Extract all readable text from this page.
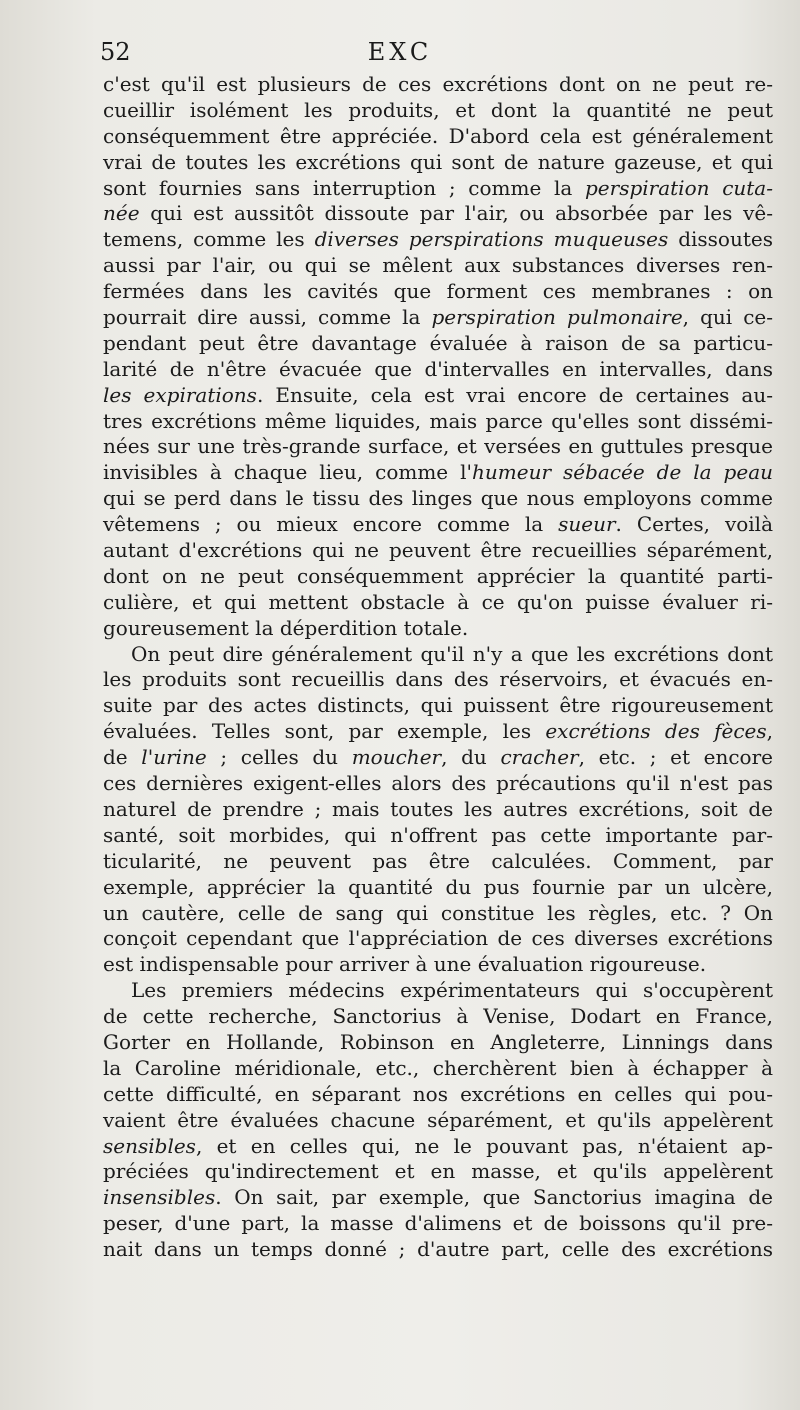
52	EXC
c'est qu'il est plusieurs de ces excrétions dont on ne peut re-
cueillir isolément les produits, et dont la quantité ne peut
conséquemment être appréciée. D'abord cela est généralement
vrai de toutes les excrétions qui sont de nature gazeuse, et qui
sont fournies sans interruption ; comme la perspiration cuta-
née qui est aussitôt dissoute par l'air, ou absorbée par les vê-
temens, comme les diverses perspirations muqueuses dissoutes
aussi par l'air, ou qui se mêlent aux substances diverses ren-
fermées dans les cavités que forment ces membranes : on
pourrait dire aussi, comme la perspiration pulmonaire, qui ce-
pendant peut être davantage évaluée à raison de sa particu-
larité de n'être évacuée que d'intervalles en intervalles, dans
les expirations. Ensuite, cela est vrai encore de certaines au-
tres excrétions même liquides, mais parce qu'elles sont dissémi-
nées sur une très-grande surface, et versées en guttules presque
invisibles à chaque lieu, comme l'humeur sébacée de la peau
qui se perd dans le tissu des linges que nous employons comme
vêtemens ; ou mieux encore comme la sueur. Certes, voilà
autant d'excrétions qui ne peuvent être recueillies séparément,
dont on ne peut conséquemment apprécier la quantité parti-
culière, et qui mettent obstacle à ce qu'on puisse évaluer ri-
goureusement la déperdition totale.
On peut dire généralement qu'il n'y a que les excrétions dont
les produits sont recueillis dans des réservoirs, et évacués en-
suite par des actes distincts, qui puissent être rigoureusement
évaluées. Telles sont, par exemple, les excrétions des fèces,
de l'urine ; celles du moucher, du cracher, etc. ; et encore
ces dernières exigent-elles alors des précautions qu'il n'est pas
naturel de prendre ; mais toutes les autres excrétions, soit de
santé, soit morbides, qui n'offrent pas cette importante par-
ticularité, ne peuvent pas être calculées. Comment, par
exemple, apprécier la quantité du pus fournie par un ulcère,
un cautère, celle de sang qui constitue les règles, etc. ? On
conçoit cependant que l'appréciation de ces diverses excrétions
est indispensable pour arriver à une évaluation rigoureuse.
Les premiers médecins expérimentateurs qui s'occupèrent
de cette recherche, Sanctorius à Venise, Dodart en France,
Gorter en Hollande, Robinson en Angleterre, Linnings dans
la Caroline méridionale, etc., cherchèrent bien à échapper à
cette difficulté, en séparant nos excrétions en celles qui pou-
vaient être évaluées chacune séparément, et qu'ils appelèrent
sensibles, et en celles qui, ne le pouvant pas, n'étaient ap-
préciées qu'indirectement et en masse, et qu'ils appelèrent
insensibles. On sait, par exemple, que Sanctorius imagina de
peser, d'une part, la masse d'alimens et de boissons qu'il pre-
nait dans un temps donné ; d'autre part, celle des excrétions
